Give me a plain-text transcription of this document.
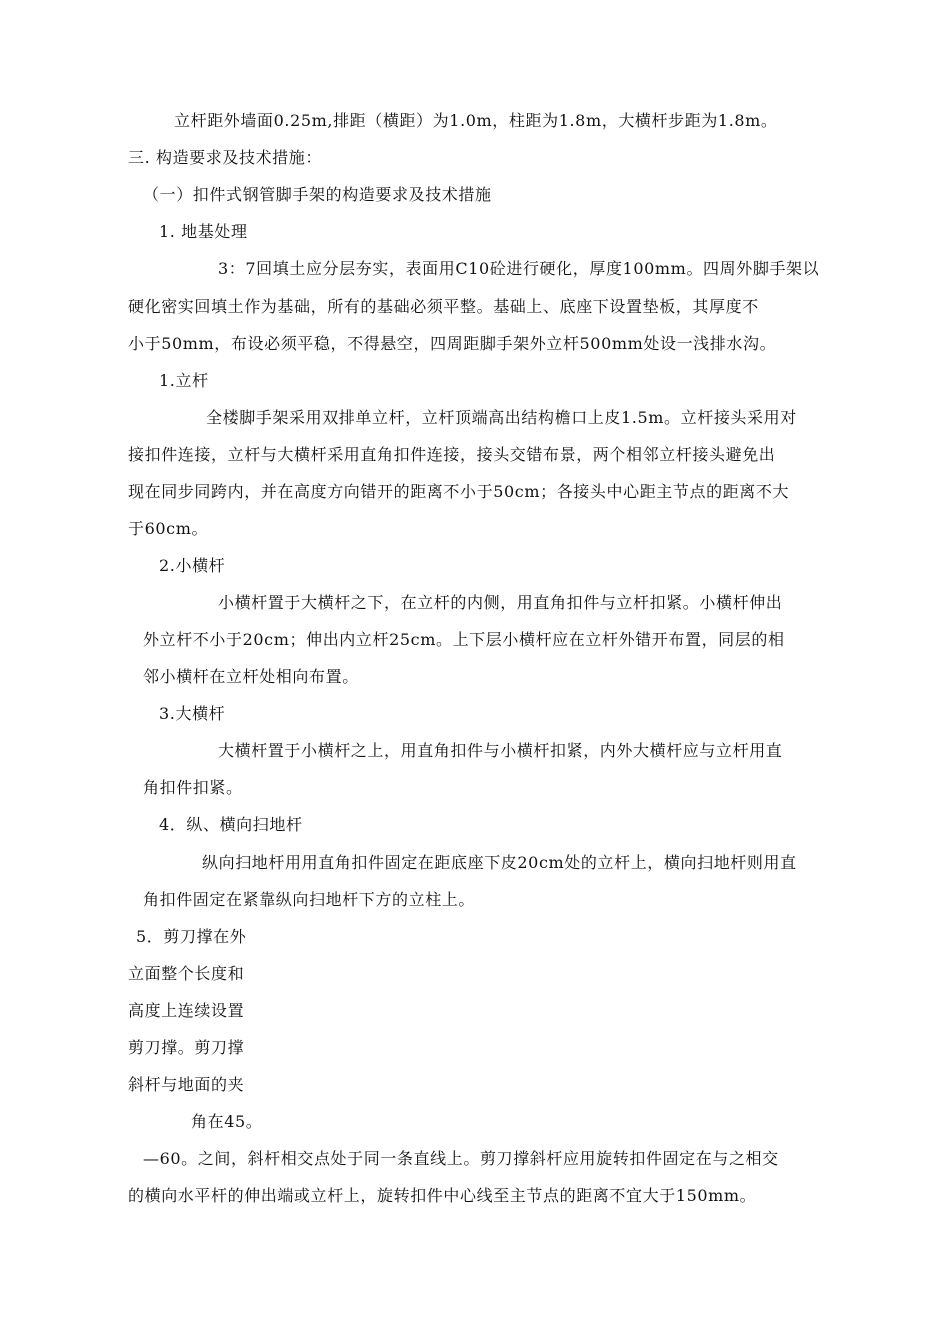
立杆距外墙面0.25m,排距（横距）为1.0m，柱距为1.8m，大横杆步距为1.8m。
三. 构造要求及技术措施：
（一）扣件式钢管脚手架的构造要求及技术措施
1. 地基处理
3：7回填土应分层夯实，表面用C10砼进行硬化，厚度100mm。四周外脚手架以
硬化密实回填土作为基础，所有的基础必须平整。基础上、底座下设置垫板，其厚度不
小于50mm，布设必须平稳，不得悬空，四周距脚手架外立杆500mm处设一浅排水沟。
1.立杆
全楼脚手架采用双排单立杆，立杆顶端高出结构檐口上皮1.5m。立杆接头采用对
接扣件连接，立杆与大横杆采用直角扣件连接，接头交错布景，两个相邻立杆接头避免出
现在同步同跨内，并在高度方向错开的距离不小于50cm；各接头中心距主节点的距离不大
于60cm。
2.小横杆
小横杆置于大横杆之下，在立杆的内侧，用直角扣件与立杆扣紧。小横杆伸出
外立杆不小于20cm；伸出内立杆25cm。上下层小横杆应在立杆外错开布置，同层的相
邻小横杆在立杆处相向布置。
3.大横杆
大横杆置于小横杆之上，用直角扣件与小横杆扣紧，内外大横杆应与立杆用直
角扣件扣紧。
4．纵、横向扫地杆
纵向扫地杆用用直角扣件固定在距底座下皮20cm处的立杆上，横向扫地杆则用直
角扣件固定在紧靠纵向扫地杆下方的立柱上。
5．剪刀撑在外
立面整个长度和
高度上连续设置
剪刀撑。剪刀撑
斜杆与地面的夹
角在45。
—60。之间，斜杆相交点处于同一条直线上。剪刀撑斜杆应用旋转扣件固定在与之相交
的横向水平杆的伸出端或立杆上，旋转扣件中心线至主节点的距离不宜大于150mm。
